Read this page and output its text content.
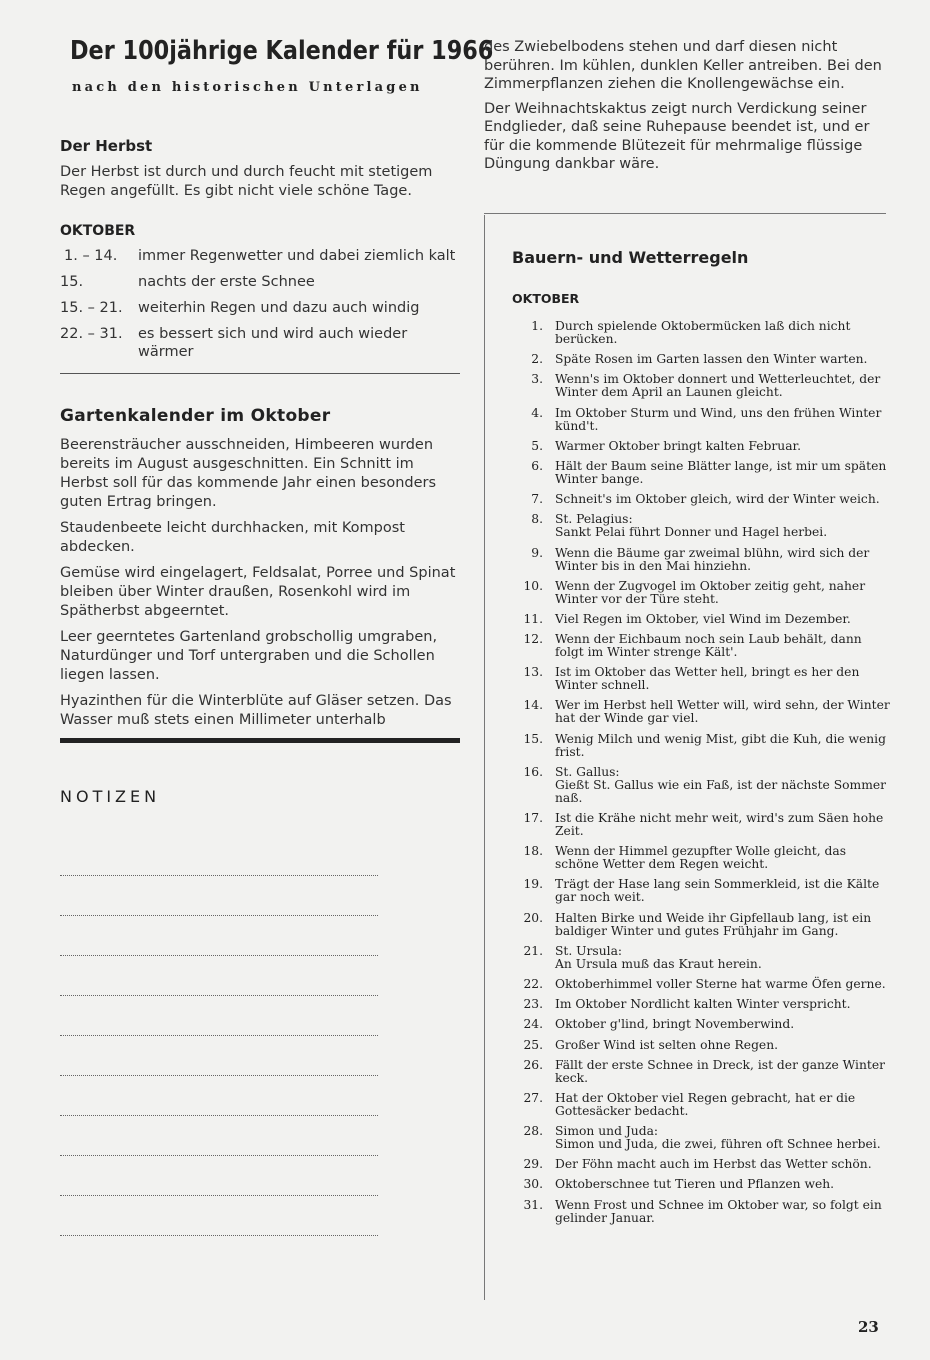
Der 100jährige Kalender für 1966
nach den historischen Unterlagen
Der Herbst
Der Herbst ist durch und durch feucht mit stetigem Regen angefüllt. Es gibt nicht viele schöne Tage.
OKTOBER
1. – 14.	immer Regenwetter und dabei ziemlich kalt
15.	nachts der erste Schnee
15. – 21.	weiterhin Regen und dazu auch windig
22. – 31.	es bessert sich und wird auch wieder wärmer
Gartenkalender im Oktober
Beerensträucher ausschneiden, Himbeeren wurden bereits im August ausgeschnitten. Ein Schnitt im Herbst soll für das kommende Jahr einen besonders guten Ertrag bringen.
Staudenbeete leicht durchhacken, mit Kompost abdecken.
Gemüse wird eingelagert, Feldsalat, Porree und Spinat bleiben über Winter draußen, Rosenkohl wird im Spätherbst abgeerntet.
Leer geerntetes Gartenland grobschollig umgraben, Naturdünger und Torf untergraben und die Schollen liegen lassen.
Hyazinthen für die Winterblüte auf Gläser setzen. Das Wasser muß stets einen Millimeter unterhalb
NOTIZEN
des Zwiebelbodens stehen und darf diesen nicht berühren. Im kühlen, dunklen Keller antreiben. Bei den Zimmerpflanzen ziehen die Knollengewächse ein.
Der Weihnachtskaktus zeigt nurch Verdickung seiner Endglieder, daß seine Ruhepause beendet ist, und er für die kommende Blütezeit für mehrmalige flüssige Düngung dankbar wäre.
Bauern- und Wetterregeln
OKTOBER
1. Durch spielende Oktobermücken laß dich nicht berücken.
2. Späte Rosen im Garten lassen den Winter warten.
3. Wenn's im Oktober donnert und Wetterleuchtet, der Winter dem April an Launen gleicht.
4. Im Oktober Sturm und Wind, uns den frühen Winter künd't.
5. Warmer Oktober bringt kalten Februar.
6. Hält der Baum seine Blätter lange, ist mir um späten Winter bange.
7. Schneit's im Oktober gleich, wird der Winter weich.
8. St. Pelagius:
Sankt Pelai führt Donner und Hagel herbei.
9. Wenn die Bäume gar zweimal blühn, wird sich der Winter bis in den Mai hinziehn.
10. Wenn der Zugvogel im Oktober zeitig geht, naher Winter vor der Türe steht.
11. Viel Regen im Oktober, viel Wind im Dezember.
12. Wenn der Eichbaum noch sein Laub behält, dann folgt im Winter strenge Kält'.
13. Ist im Oktober das Wetter hell, bringt es her den Winter schnell.
14. Wer im Herbst hell Wetter will, wird sehn, der Winter hat der Winde gar viel.
15. Wenig Milch und wenig Mist, gibt die Kuh, die wenig frist.
16. St. Gallus:
Gießt St. Gallus wie ein Faß, ist der nächste Sommer naß.
17. Ist die Krähe nicht mehr weit, wird's zum Säen hohe Zeit.
18. Wenn der Himmel gezupfter Wolle gleicht, das schöne Wetter dem Regen weicht.
19. Trägt der Hase lang sein Sommerkleid, ist die Kälte gar noch weit.
20. Halten Birke und Weide ihr Gipfellaub lang, ist ein baldiger Winter und gutes Frühjahr im Gang.
21. St. Ursula:
An Ursula muß das Kraut herein.
22. Oktoberhimmel voller Sterne hat warme Öfen gerne.
23. Im Oktober Nordlicht kalten Winter verspricht.
24. Oktober g'lind, bringt Novemberwind.
25. Großer Wind ist selten ohne Regen.
26. Fällt der erste Schnee in Dreck, ist der ganze Winter keck.
27. Hat der Oktober viel Regen gebracht, hat er die Gottesäcker bedacht.
28. Simon und Juda:
Simon und Juda, die zwei, führen oft Schnee herbei.
29. Der Föhn macht auch im Herbst das Wetter schön.
30. Oktoberschnee tut Tieren und Pflanzen weh.
31. Wenn Frost und Schnee im Oktober war, so folgt ein gelinder Januar.
23
